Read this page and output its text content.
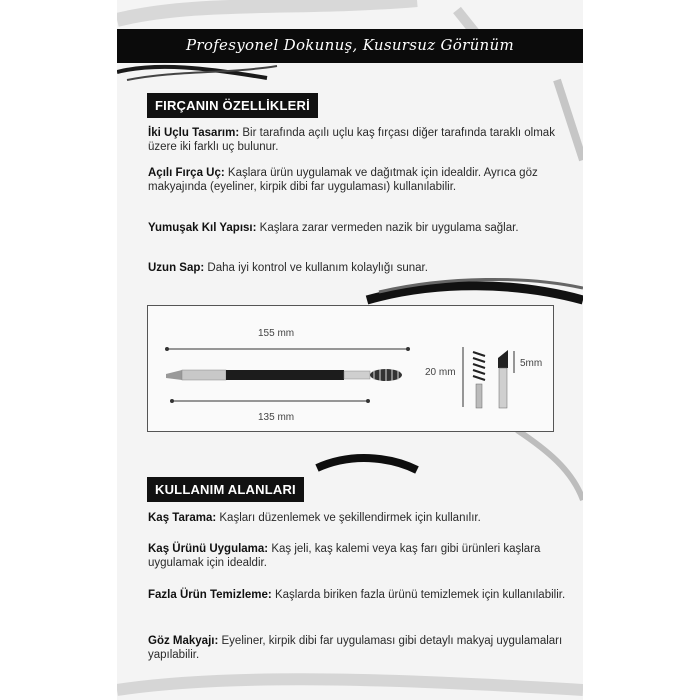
Profesyonel Dokunuş, Kusursuz Görünüm
FIRÇANIN ÖZELLİKLERİ
İki Uçlu Tasarım: Bir tarafında açılı uçlu kaş fırçası diğer tarafında taraklı olmak üzere iki farklı uç bulunur.
Açılı Fırça Uç: Kaşlara ürün uygulamak ve dağıtmak için idealdir. Ayrıca göz makyajında (eyeliner, kirpik dibi far uygulaması) kullanılabilir.
Yumuşak Kıl Yapısı: Kaşlara zarar vermeden nazik bir uygulama sağlar.
Uzun Sap: Daha iyi kontrol ve kullanım kolaylığı sunar.
155 mm
135 mm
20 mm
5mm
KULLANIM ALANLARI
Kaş Tarama: Kaşları düzenlemek ve şekillendirmek için kullanılır.
Kaş Ürünü Uygulama: Kaş jeli, kaş kalemi veya kaş farı gibi ürünleri kaşlara uygulamak için idealdir.
Fazla Ürün Temizleme: Kaşlarda biriken fazla ürünü temizlemek için kullanılabilir.
Göz Makyajı: Eyeliner, kirpik dibi far uygulaması gibi detaylı makyaj uygulamaları yapılabilir.
